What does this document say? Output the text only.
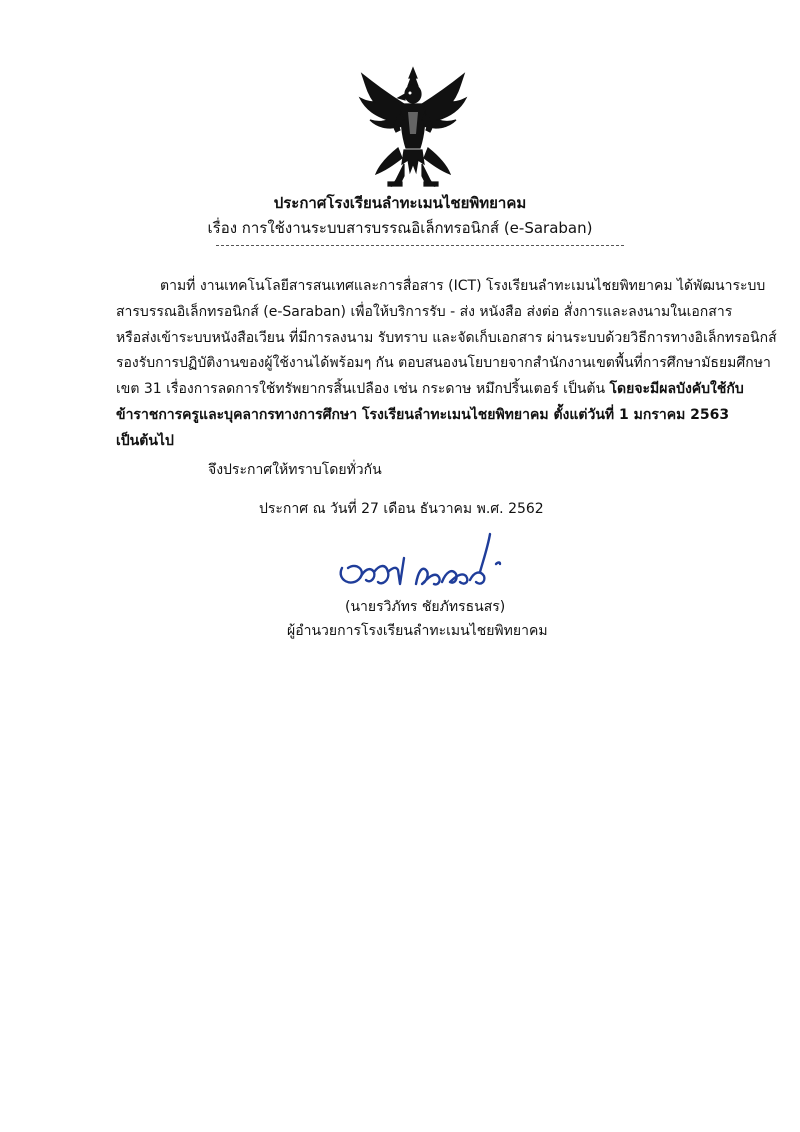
ประกาศโรงเรียนลำทะเมนไชยพิทยาคม
เรื่อง การใช้งานระบบสารบรรณอิเล็กทรอนิกส์ (e-Saraban)
ตามที่ งานเทคโนโลยีสารสนเทศและการสื่อสาร (ICT) โรงเรียนลำทะเมนไชยพิทยาคม ได้พัฒนาระบบ
สารบรรณอิเล็กทรอนิกส์ (e-Saraban) เพื่อให้บริการรับ - ส่ง หนังสือ ส่งต่อ สั่งการและลงนามในเอกสาร
หรือส่งเข้าระบบหนังสือเวียน ที่มีการลงนาม รับทราบ และจัดเก็บเอกสาร ผ่านระบบด้วยวิธีการทางอิเล็กทรอนิกส์
รองรับการปฏิบัติงานของผู้ใช้งานได้พร้อมๆ กัน ตอบสนองนโยบายจากสำนักงานเขตพื้นที่การศึกษามัธยมศึกษา
เขต 31 เรื่องการลดการใช้ทรัพยากรสิ้นเปลือง เช่น กระดาษ หมึกปริ้นเตอร์ เป็นต้น โดยจะมีผลบังคับใช้กับ
ข้าราชการครูและบุคลากรทางการศึกษา โรงเรียนลำทะเมนไชยพิทยาคม ตั้งแต่วันที่ 1 มกราคม 2563
เป็นต้นไป
จึงประกาศให้ทราบโดยทั่วกัน
ประกาศ ณ วันที่ 27 เดือน ธันวาคม พ.ศ. 2562
(นายรวิภัทร ชัยภัทรธนสร)
ผู้อำนวยการโรงเรียนลำทะเมนไชยพิทยาคม
